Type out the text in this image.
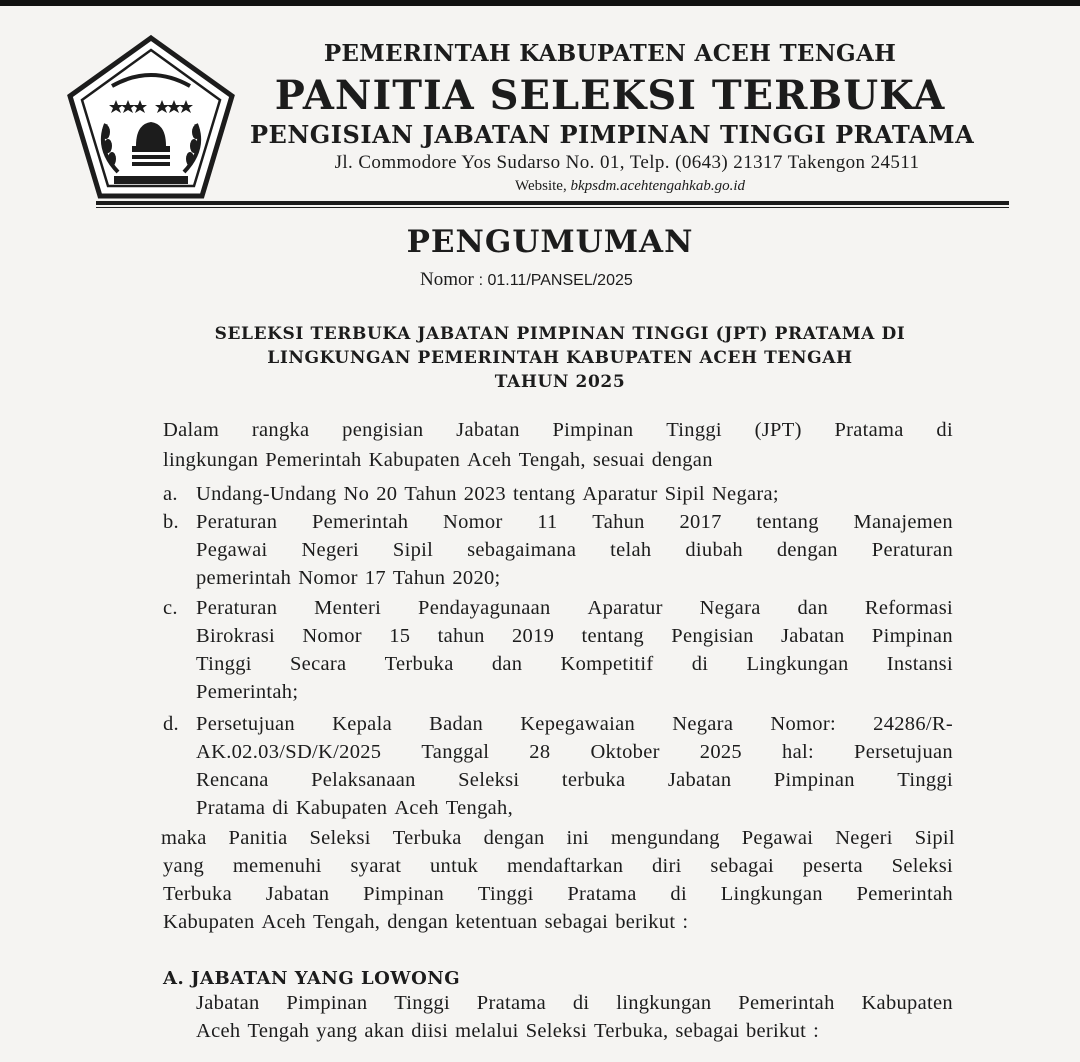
PEMERINTAH KABUPATEN ACEH TENGAH
PANITIA SELEKSI TERBUKA
PENGISIAN JABATAN PIMPINAN TINGGI PRATAMA
Jl. Commodore Yos Sudarso No. 01, Telp. (0643) 21317 Takengon 24511
Website, bkpsdm.acehtengahkab.go.id
PENGUMUMAN
Nomor : 01.11/PANSEL/2025
SELEKSI TERBUKA JABATAN PIMPINAN TINGGI (JPT) PRATAMA DI
LINGKUNGAN PEMERINTAH KABUPATEN ACEH TENGAH
TAHUN 2025
Dalam rangka pengisian Jabatan Pimpinan Tinggi (JPT) Pratama di
lingkungan Pemerintah Kabupaten Aceh Tengah, sesuai dengan
a. Undang-Undang No 20 Tahun 2023 tentang Aparatur Sipil Negara;
b. Peraturan Pemerintah Nomor 11 Tahun 2017 tentang Manajemen
Pegawai Negeri Sipil sebagaimana telah diubah dengan Peraturan
pemerintah Nomor 17 Tahun 2020;
c. Peraturan Menteri Pendayagunaan Aparatur Negara dan Reformasi
Birokrasi Nomor 15 tahun 2019 tentang Pengisian Jabatan Pimpinan
Tinggi Secara Terbuka dan Kompetitif di Lingkungan Instansi
Pemerintah;
d. Persetujuan Kepala Badan Kepegawaian Negara Nomor: 24286/R-
AK.02.03/SD/K/2025 Tanggal 28 Oktober 2025 hal: Persetujuan
Rencana Pelaksanaan Seleksi terbuka Jabatan Pimpinan Tinggi
Pratama di Kabupaten Aceh Tengah,
maka Panitia Seleksi Terbuka dengan ini mengundang Pegawai Negeri Sipil
yang memenuhi syarat untuk mendaftarkan diri sebagai peserta Seleksi
Terbuka Jabatan Pimpinan Tinggi Pratama di Lingkungan Pemerintah
Kabupaten Aceh Tengah, dengan ketentuan sebagai berikut :
A. JABATAN YANG LOWONG
Jabatan Pimpinan Tinggi Pratama di lingkungan Pemerintah Kabupaten
Aceh Tengah yang akan diisi melalui Seleksi Terbuka, sebagai berikut :
